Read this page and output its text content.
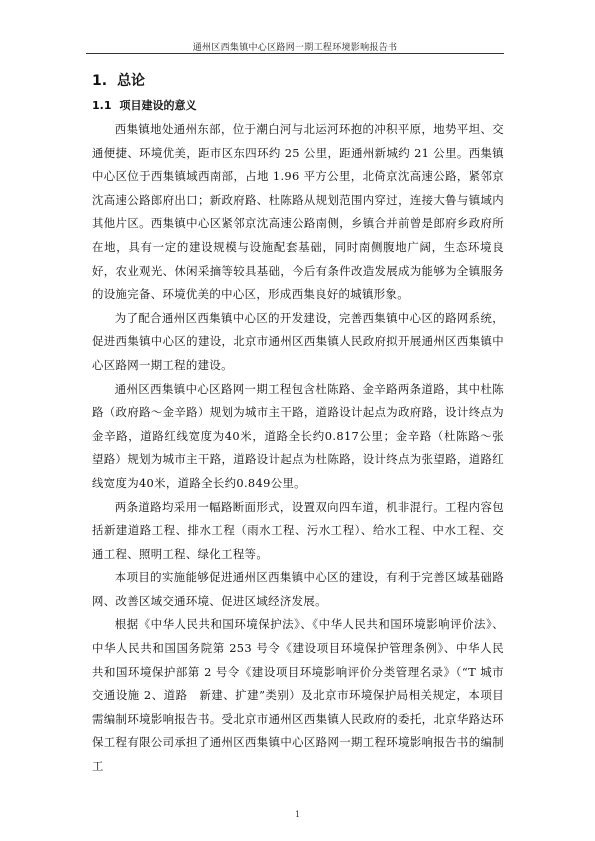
通州区西集镇中心区路网一期工程环境影响报告书
1. 总论
1.1 项目建设的意义

西集镇地处通州东部，位于潮白河与北运河环抱的冲积平原，地势平坦、交通便捷、环境优美，距市区东四环约 25 公里，距通州新城约 21 公里。西集镇中心区位于西集镇域西南部，占地 1.96 平方公里，北倚京沈高速公路，紧邻京沈高速公路郎府出口；新政府路、杜陈路从规划范围内穿过，连接大鲁与镇域内其他片区。西集镇中心区紧邻京沈高速公路南侧，乡镇合并前曾是郎府乡政府所在地，具有一定的建设规模与设施配套基础，同时南侧腹地广阔，生态环境良好，农业观光、休闲采摘等较具基础，今后有条件改造发展成为能够为全镇服务的设施完备、环境优美的中心区，形成西集良好的城镇形象。

为了配合通州区西集镇中心区的开发建设，完善西集镇中心区的路网系统，促进西集镇中心区的建设，北京市通州区西集镇人民政府拟开展通州区西集镇中心区路网一期工程的建设。

通州区西集镇中心区路网一期工程包含杜陈路、金辛路两条道路，其中杜陈路（政府路～金辛路）规划为城市主干路，道路设计起点为政府路，设计终点为金辛路，道路红线宽度为40米，道路全长约0.817公里；金辛路（杜陈路～张望路）规划为城市主干路，道路设计起点为杜陈路，设计终点为张望路，道路红线宽度为40米，道路全长约0.849公里。

两条道路均采用一幅路断面形式，设置双向四车道，机非混行。工程内容包括新建道路工程、排水工程（雨水工程、污水工程）、给水工程、中水工程、交通工程、照明工程、绿化工程等。

本项目的实施能够促进通州区西集镇中心区的建设，有利于完善区域基础路网、改善区域交通环境、促进区域经济发展。

根据《中华人民共和国环境保护法》、《中华人民共和国环境影响评价法》、中华人民共和国国务院第 253 号令《建设项目环境保护管理条例》、中华人民共和国环境保护部第 2 号令《建设项目环境影响评价分类管理名录》（“T 城市交通设施 2、道路　新建、扩建”类别）及北京市环境保护局相关规定，本项目需编制环境影响报告书。受北京市通州区西集镇人民政府的委托，北京华路达环保工程有限公司承担了通州区西集镇中心区路网一期工程环境影响报告书的编制工

1
